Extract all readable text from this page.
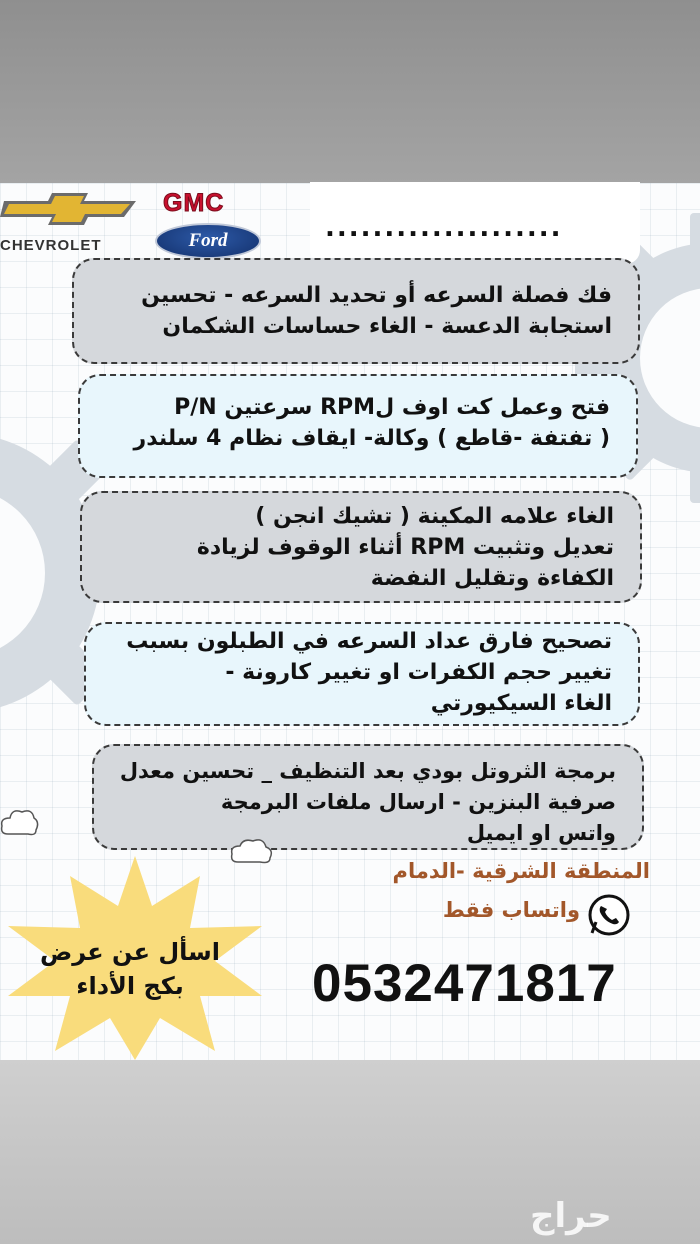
CHEVROLET
GMC
Ford	....................
فك فصلة السرعه أو تحديد السرعه - تحسين
استجابة الدعسة - الغاء حساسات الشكمان
فتح وعمل كت اوف لRPM سرعتين P/N
( تفتفة -قاطع ) وكالة- ايقاف نظام 4 سلندر
الغاء علامه المكينة ( تشيك انجن )
تعديل وتثبيت RPM أثناء الوقوف لزيادة
الكفاءة وتقليل النفضة
تصحيح فارق عداد السرعه في الطبلون بسبب
تغيير حجم الكفرات او تغيير كارونة -
الغاء السيكيورتي
برمجة الثروتل بودي بعد التنظيف _ تحسين معدل
صرفية البنزين - ارسال ملفات البرمجة
واتس او ايميل
اسأل عن عرض
بكج الأداء
المنطقة الشرقية -الدمام
واتساب فقط
0532471817
حراج
